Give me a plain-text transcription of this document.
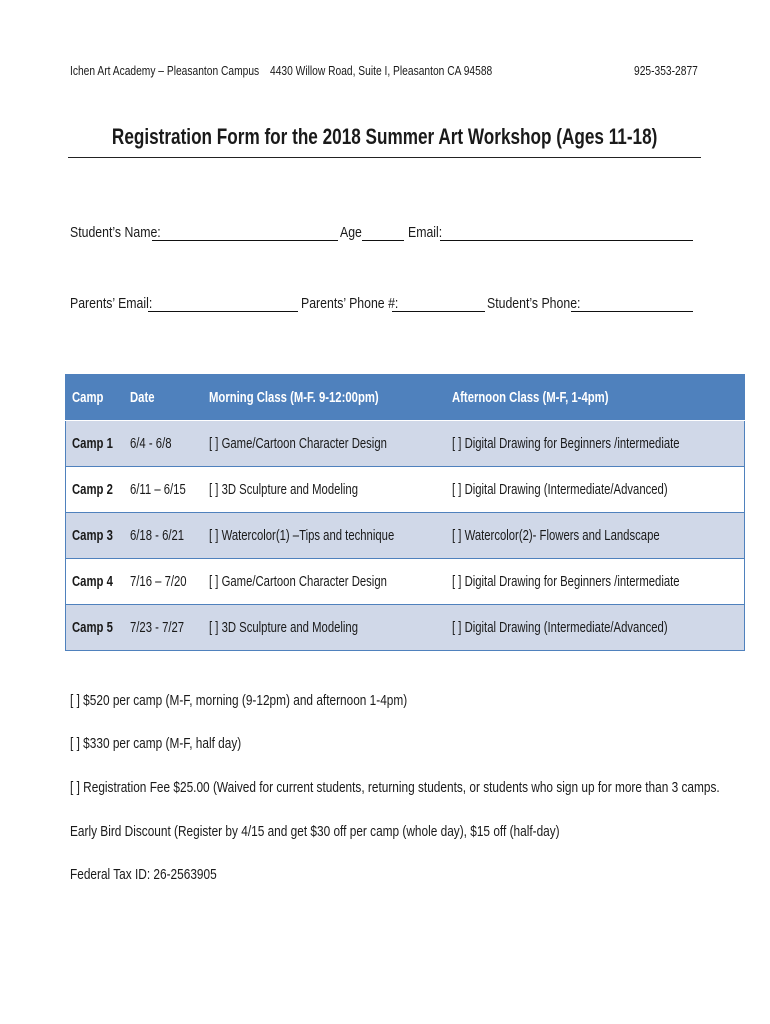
Ichen Art Academy – Pleasanton Campus 4430 Willow Road, Suite I, Pleasanton CA 94588	925-353-2877
Registration Form for the 2018 Summer Art Workshop (Ages 11-18)
Student’s Name:	Age	Email:
Parents’ Email:	Parents’ Phone #:	Student’s Phone:
Camp	Date	Morning Class (M-F. 9-12:00pm)	Afternoon Class (M-F, 1-4pm)
Camp 1	6/4 - 6/8	[ ] Game/Cartoon Character Design	[ ] Digital Drawing for Beginners /intermediate
Camp 2	6/11 – 6/15	[ ] 3D Sculpture and Modeling	[ ] Digital Drawing (Intermediate/Advanced)
Camp 3	6/18 - 6/21	[ ] Watercolor(1) –Tips and technique	[ ] Watercolor(2)- Flowers and Landscape
Camp 4	7/16 – 7/20	[ ] Game/Cartoon Character Design	[ ] Digital Drawing for Beginners /intermediate
Camp 5	7/23 - 7/27	[ ] 3D Sculpture and Modeling	[ ] Digital Drawing (Intermediate/Advanced)
[ ] $520 per camp (M-F, morning (9-12pm) and afternoon 1-4pm)
[ ] $330 per camp (M-F, half day)
[ ] Registration Fee $25.00 (Waived for current students, returning students, or students who sign up for more than 3 camps.
Early Bird Discount (Register by 4/15 and get $30 off per camp (whole day), $15 off (half-day)
Federal Tax ID: 26-2563905
